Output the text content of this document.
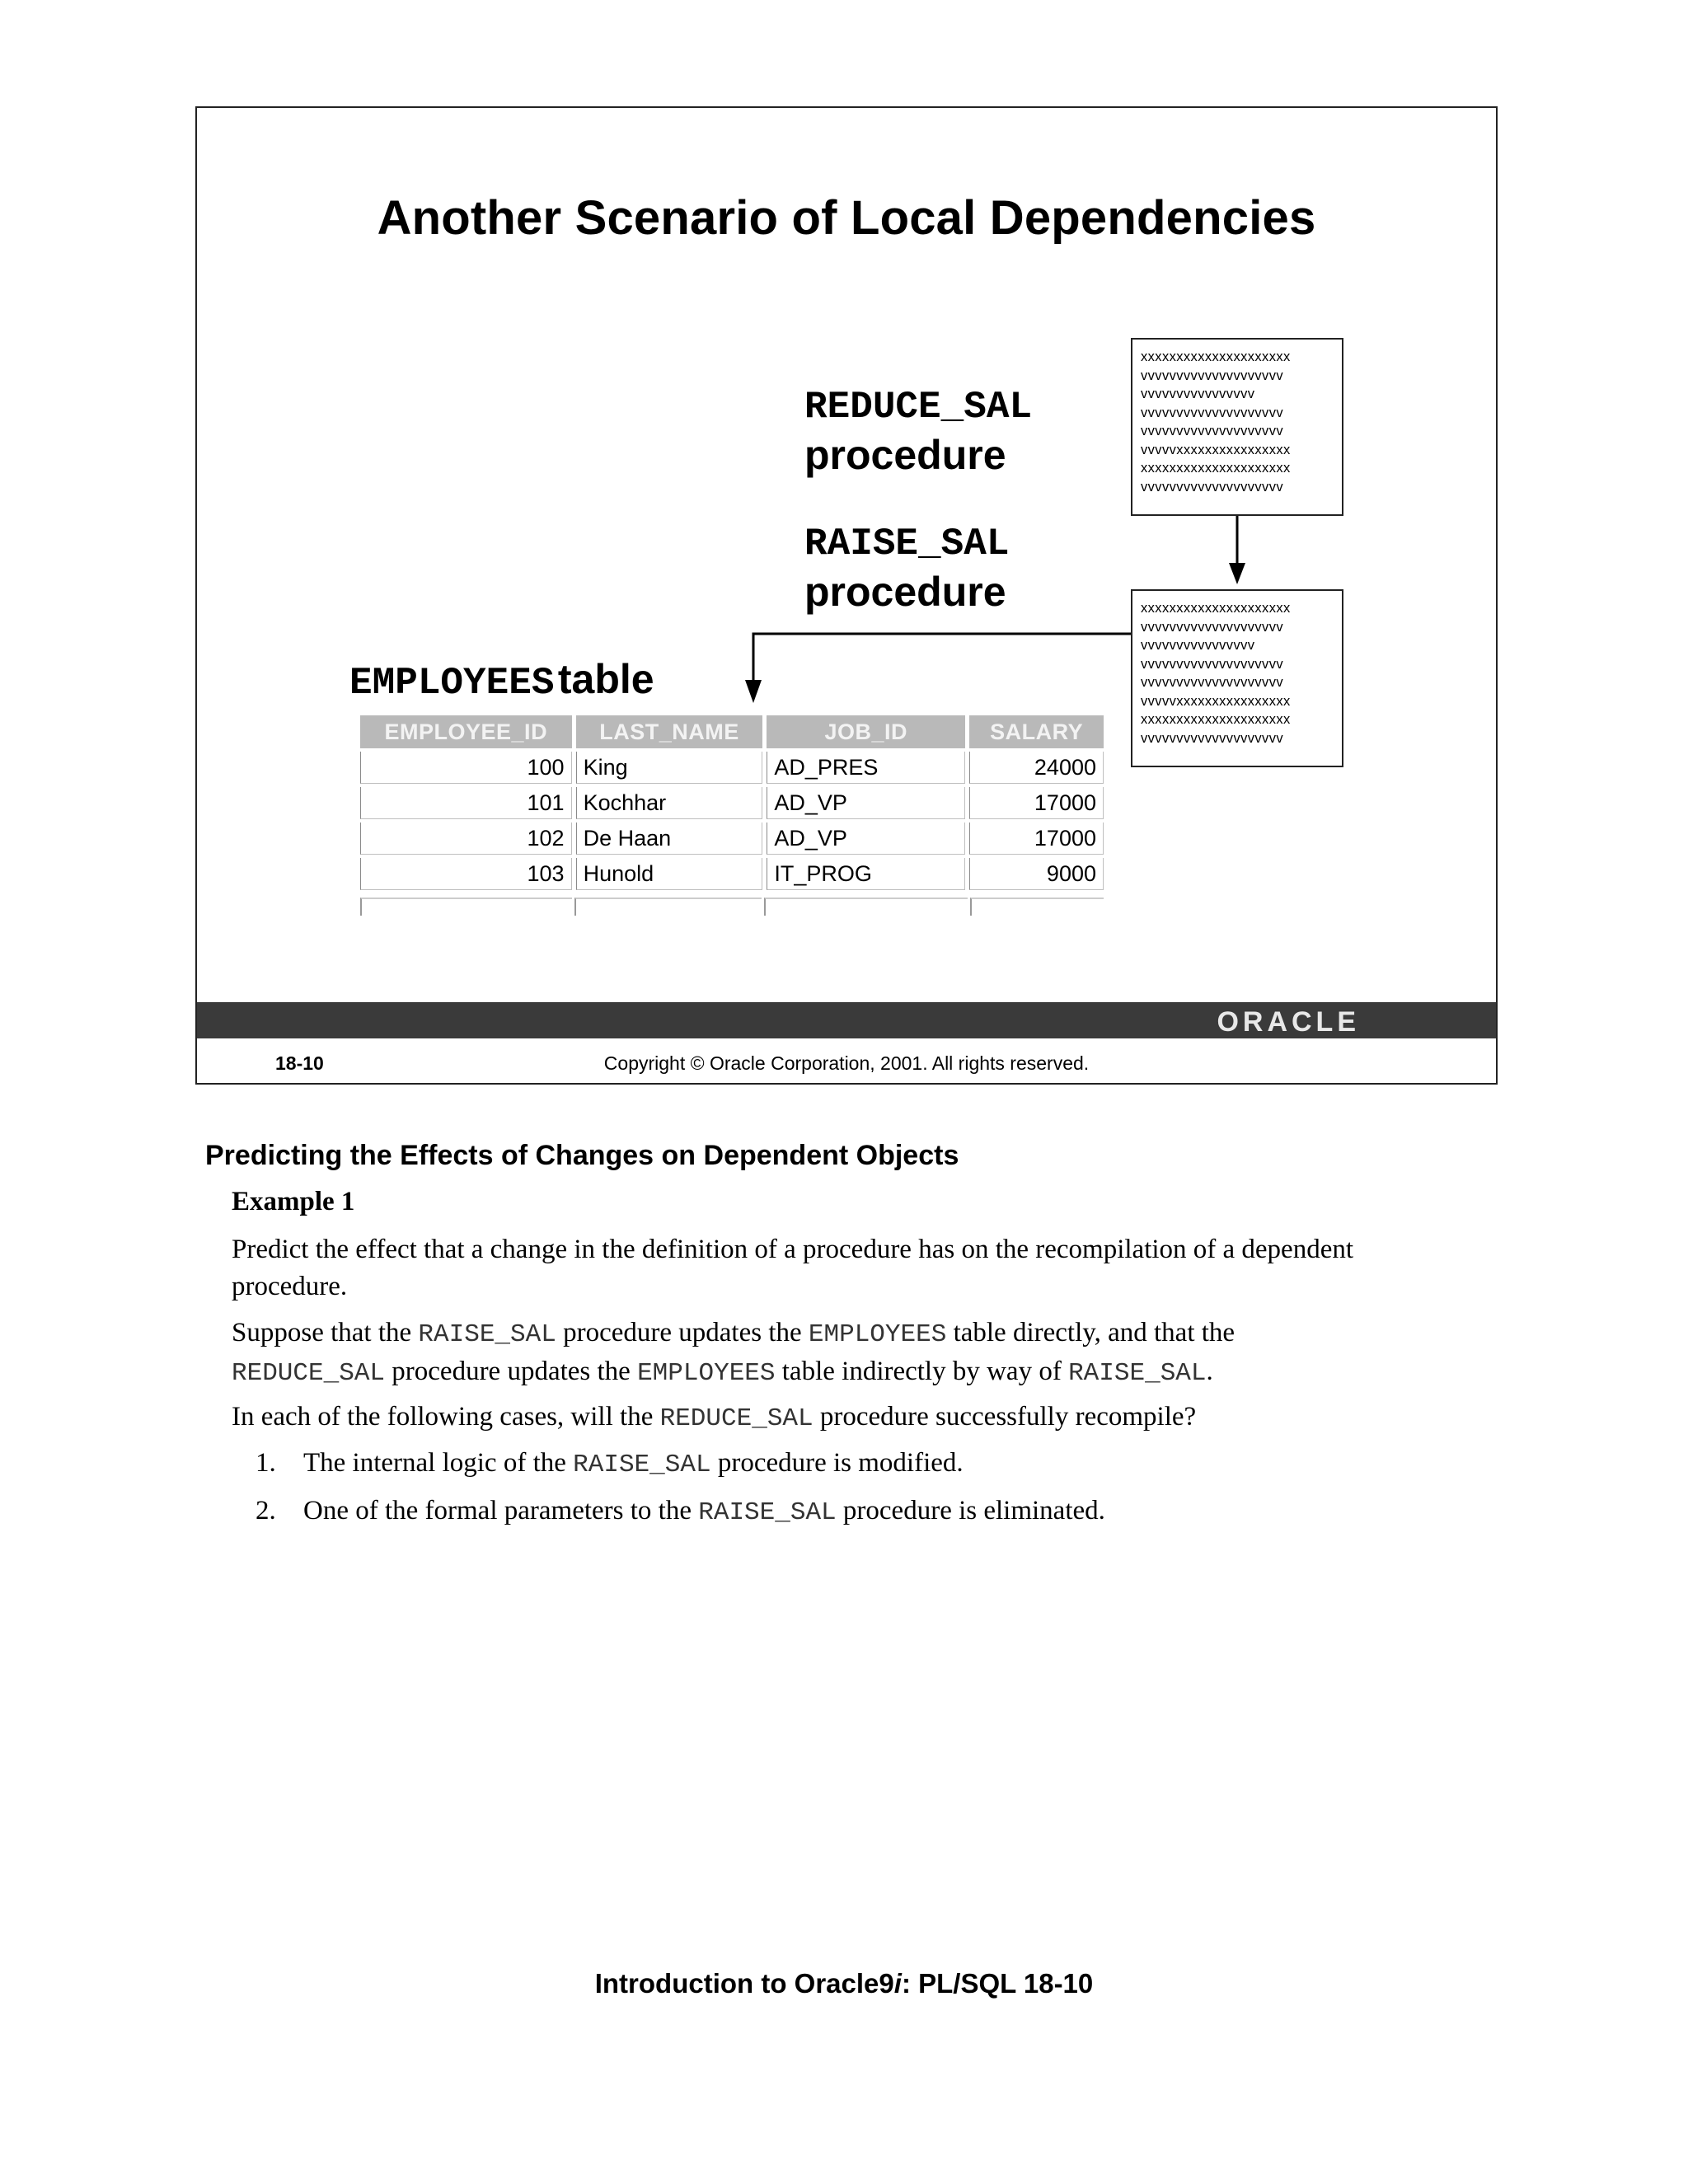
Another Scenario of Local Dependencies
REDUCE_SAL
procedure
RAISE_SAL
procedure
EMPLOYEES table
xxxxxxxxxxxxxxxxxxxxx
vvvvvvvvvvvvvvvvvvvv
vvvvvvvvvvvvvvvv
vvvvvvvvvvvvvvvvvvvv
vvvvvvvvvvvvvvvvvvvv
vvvvvxxxxxxxxxxxxxxxx
xxxxxxxxxxxxxxxxxxxxx
vvvvvvvvvvvvvvvvvvvv
xxxxxxxxxxxxxxxxxxxxx
vvvvvvvvvvvvvvvvvvvv
vvvvvvvvvvvvvvvv
vvvvvvvvvvvvvvvvvvvv
vvvvvvvvvvvvvvvvvvvv
vvvvvxxxxxxxxxxxxxxxx
xxxxxxxxxxxxxxxxxxxxx
vvvvvvvvvvvvvvvvvvvv
EMPLOYEE_ID	LAST_NAME	JOB_ID	SALARY
100	King	AD_PRES	24000
101	Kochhar	AD_VP	17000
102	De Haan	AD_VP	17000
103	Hunold	IT_PROG	9000
ORACLE
18-10	Copyright © Oracle Corporation, 2001. All rights reserved.
Predicting the Effects of Changes on Dependent Objects
Example 1
Predict the effect that a change in the definition of a procedure has on the recompilation of a dependent procedure.
Suppose that the RAISE_SAL procedure updates the EMPLOYEES table directly, and that the
REDUCE_SAL procedure updates the EMPLOYEES table indirectly by way of RAISE_SAL.
In each of the following cases, will the REDUCE_SAL procedure successfully recompile?
1. The internal logic of the RAISE_SAL procedure is modified.
2. One of the formal parameters to the RAISE_SAL procedure is eliminated.
Introduction to Oracle9i: PL/SQL 18-10
